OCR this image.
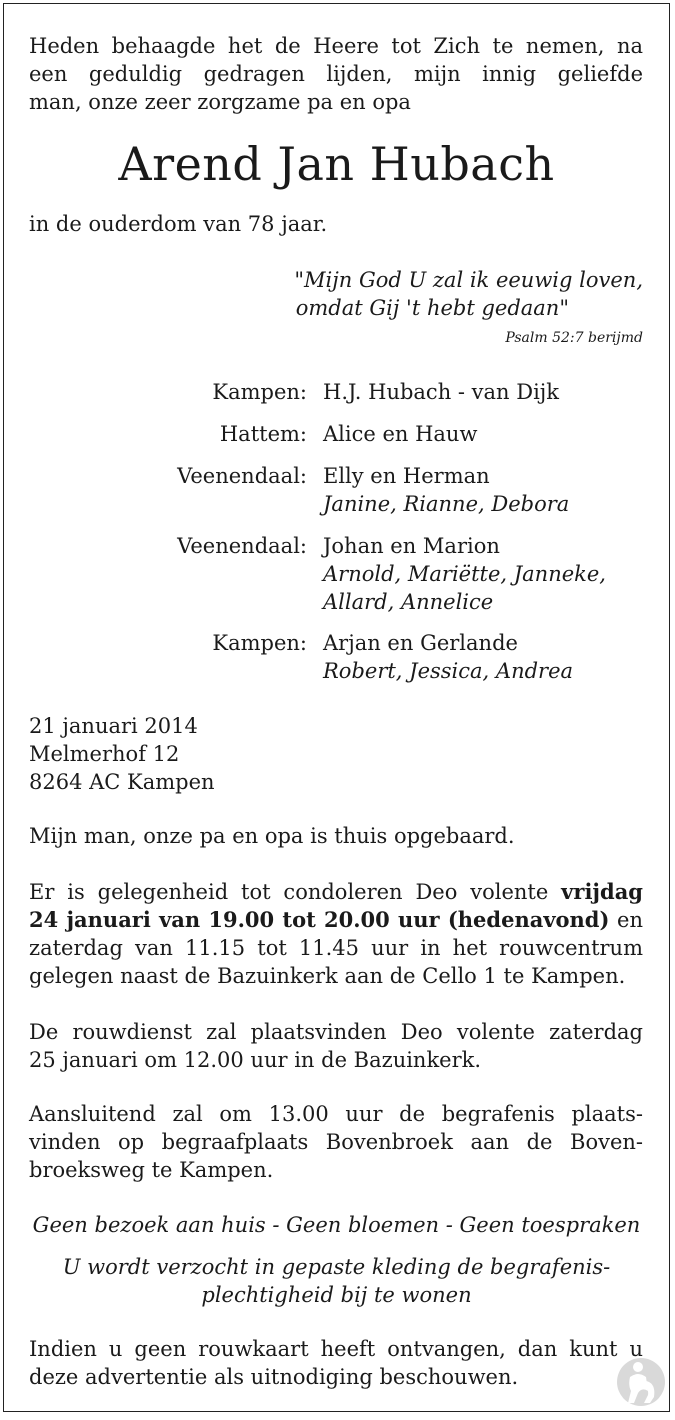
Heden behaagde het de Heere tot Zich te nemen, na
een geduldig gedragen lijden, mijn innig geliefde
man, onze zeer zorgzame pa en opa
Arend Jan Hubach
in de ouderdom van 78 jaar.
"Mijn God U zal ik eeuwig loven,
omdat Gij 't hebt gedaan"
Psalm 52:7 berijmd
Kampen: H.J. Hubach - van Dijk
Hattem: Alice en Hauw
Veenendaal: Elly en Herman
Janine, Rianne, Debora
Veenendaal: Johan en Marion
Arnold, Mariëtte, Janneke,
Allard, Annelice
Kampen: Arjan en Gerlande
Robert, Jessica, Andrea
21 januari 2014
Melmerhof 12
8264 AC Kampen
Mijn man, onze pa en opa is thuis opgebaard.
Er is gelegenheid tot condoleren Deo volente vrijdag
24 januari van 19.00 tot 20.00 uur (hedenavond) en
zaterdag van 11.15 tot 11.45 uur in het rouwcentrum
gelegen naast de Bazuinkerk aan de Cello 1 te Kampen.
De rouwdienst zal plaatsvinden Deo volente zaterdag
25 januari om 12.00 uur in de Bazuinkerk.
Aansluitend zal om 13.00 uur de begrafenis plaats-
vinden op begraafplaats Bovenbroek aan de Boven-
broeksweg te Kampen.
Geen bezoek aan huis - Geen bloemen - Geen toespraken
U wordt verzocht in gepaste kleding de begrafenis-
plechtigheid bij te wonen
Indien u geen rouwkaart heeft ontvangen, dan kunt u
deze advertentie als uitnodiging beschouwen.
